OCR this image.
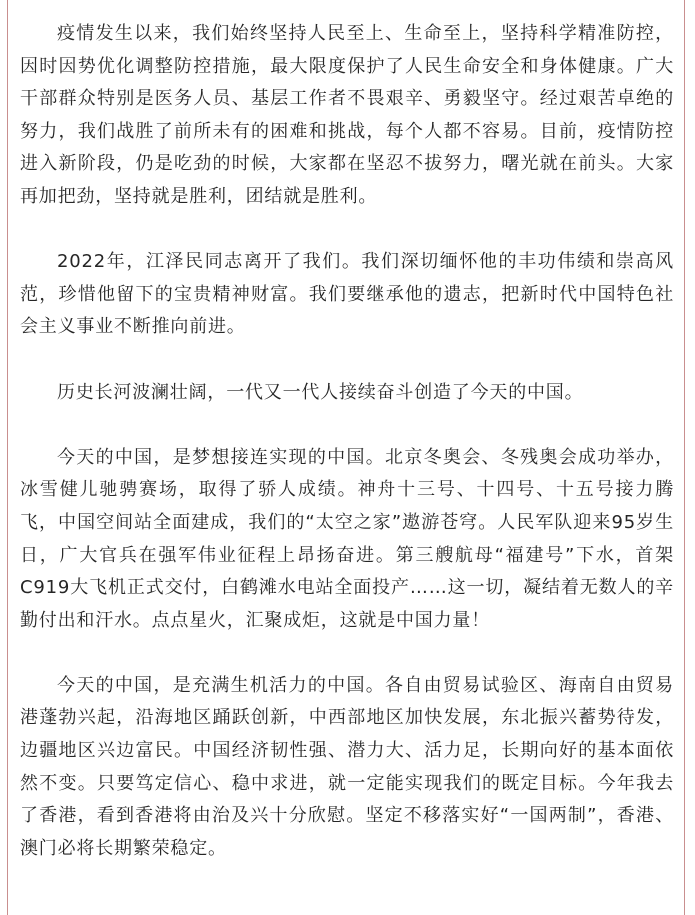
疫情发生以来，我们始终坚持人民至上、生命至上，坚持科学精准防控，因时因势优化调整防控措施，最大限度保护了人民生命安全和身体健康。广大干部群众特别是医务人员、基层工作者不畏艰辛、勇毅坚守。经过艰苦卓绝的努力，我们战胜了前所未有的困难和挑战，每个人都不容易。目前，疫情防控进入新阶段，仍是吃劲的时候，大家都在坚忍不拔努力，曙光就在前头。大家再加把劲，坚持就是胜利，团结就是胜利。

2022年，江泽民同志离开了我们。我们深切缅怀他的丰功伟绩和崇高风范，珍惜他留下的宝贵精神财富。我们要继承他的遗志，把新时代中国特色社会主义事业不断推向前进。

历史长河波澜壮阔，一代又一代人接续奋斗创造了今天的中国。

今天的中国，是梦想接连实现的中国。北京冬奥会、冬残奥会成功举办，冰雪健儿驰骋赛场，取得了骄人成绩。神舟十三号、十四号、十五号接力腾飞，中国空间站全面建成，我们的“太空之家”遨游苍穹。人民军队迎来95岁生日，广大官兵在强军伟业征程上昂扬奋进。第三艘航母“福建号”下水，首架C919大飞机正式交付，白鹤滩水电站全面投产……这一切，凝结着无数人的辛勤付出和汗水。点点星火，汇聚成炬，这就是中国力量！

今天的中国，是充满生机活力的中国。各自由贸易试验区、海南自由贸易港蓬勃兴起，沿海地区踊跃创新，中西部地区加快发展，东北振兴蓄势待发，边疆地区兴边富民。中国经济韧性强、潜力大、活力足，长期向好的基本面依然不变。只要笃定信心、稳中求进，就一定能实现我们的既定目标。今年我去了香港，看到香港将由治及兴十分欣慰。坚定不移落实好“一国两制”，香港、澳门必将长期繁荣稳定。
